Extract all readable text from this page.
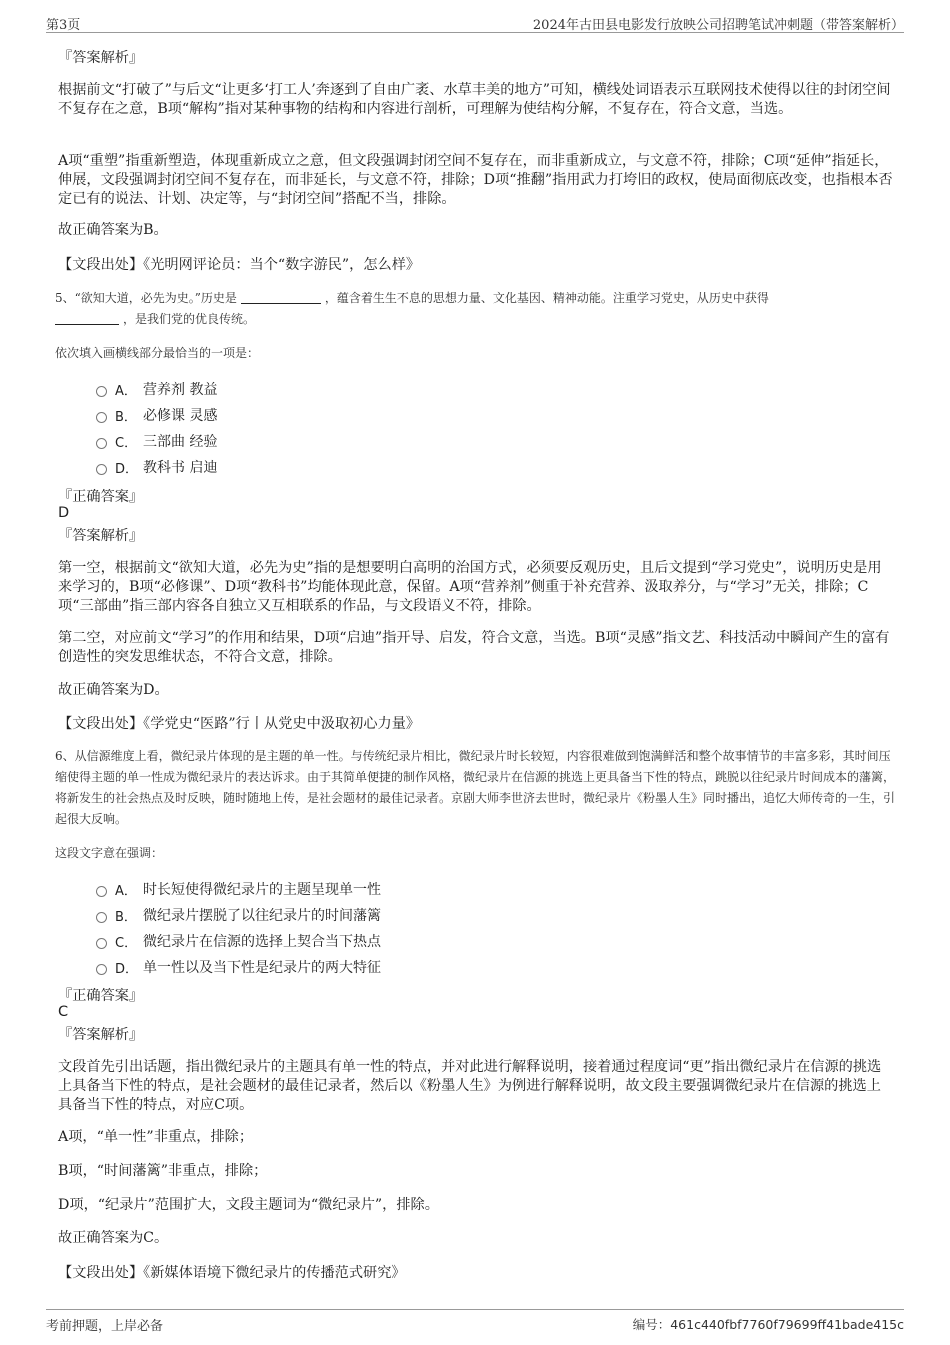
第3页	2024年古田县电影发行放映公司招聘笔试冲刺题（带答案解析）
『答案解析』
根据前文“打破了”与后文“让更多‘打工人’奔逐到了自由广袤、水草丰美的地方”可知，横线处词语表示互联网技术使得以往的封闭空间不复存在之意，B项“解构”指对某种事物的结构和内容进行剖析，可理解为使结构分解，不复存在，符合文意，当选。
A项“重塑”指重新塑造，体现重新成立之意，但文段强调封闭空间不复存在，而非重新成立，与文意不符，排除；C项“延伸”指延长，伸展，文段强调封闭空间不复存在，而非延长，与文意不符，排除；D项“推翻”指用武力打垮旧的政权，使局面彻底改变，也指根本否定已有的说法、计划、决定等，与“封闭空间”搭配不当，排除。
故正确答案为B。
【文段出处】《光明网评论员：当个“数字游民”，怎么样》
5、“欲知大道，必先为史。”历史是	，蕴含着生生不息的思想力量、文化基因、精神动能。注重学习党史，从历史中获得
，是我们党的优良传统。
依次填入画横线部分最恰当的一项是：
A． 营养剂 教益
B． 必修课 灵感
C． 三部曲 经验
D． 教科书 启迪
『正确答案』
D
『答案解析』
第一空，根据前文“欲知大道，必先为史”指的是想要明白高明的治国方式，必须要反观历史，且后文提到“学习党史”，说明历史是用来学习的，B项“必修课”、D项“教科书”均能体现此意，保留。A项“营养剂”侧重于补充营养、汲取养分，与“学习”无关，排除；C项“三部曲”指三部内容各自独立又互相联系的作品，与文段语义不符，排除。
第二空，对应前文“学习”的作用和结果，D项“启迪”指开导、启发，符合文意，当选。B项“灵感”指文艺、科技活动中瞬间产生的富有创造性的突发思维状态，不符合文意，排除。
故正确答案为D。
【文段出处】《学党史“医路”行丨从党史中汲取初心力量》
6、从信源维度上看，微纪录片体现的是主题的单一性。与传统纪录片相比，微纪录片时长较短，内容很难做到饱满鲜活和整个故事情节的丰富多彩，其时间压缩使得主题的单一性成为微纪录片的表达诉求。由于其简单便捷的制作风格，微纪录片在信源的挑选上更具备当下性的特点，跳脱以往纪录片时间成本的藩篱，将新发生的社会热点及时反映，随时随地上传，是社会题材的最佳记录者。京剧大师李世济去世时，微纪录片《粉墨人生》同时播出，追忆大师传奇的一生，引起很大反响。
这段文字意在强调：
A． 时长短使得微纪录片的主题呈现单一性
B． 微纪录片摆脱了以往纪录片的时间藩篱
C． 微纪录片在信源的选择上契合当下热点
D． 单一性以及当下性是纪录片的两大特征
『正确答案』
C
『答案解析』
文段首先引出话题，指出微纪录片的主题具有单一性的特点，并对此进行解释说明，接着通过程度词“更”指出微纪录片在信源的挑选上具备当下性的特点，是社会题材的最佳记录者，然后以《粉墨人生》为例进行解释说明，故文段主要强调微纪录片在信源的挑选上具备当下性的特点，对应C项。
A项，“单一性”非重点，排除；
B项，“时间藩篱”非重点，排除；
D项，“纪录片”范围扩大，文段主题词为“微纪录片”，排除。
故正确答案为C。
【文段出处】《新媒体语境下微纪录片的传播范式研究》
考前押题，上岸必备	编号：461c440fbf7760f79699ff41bade415c
